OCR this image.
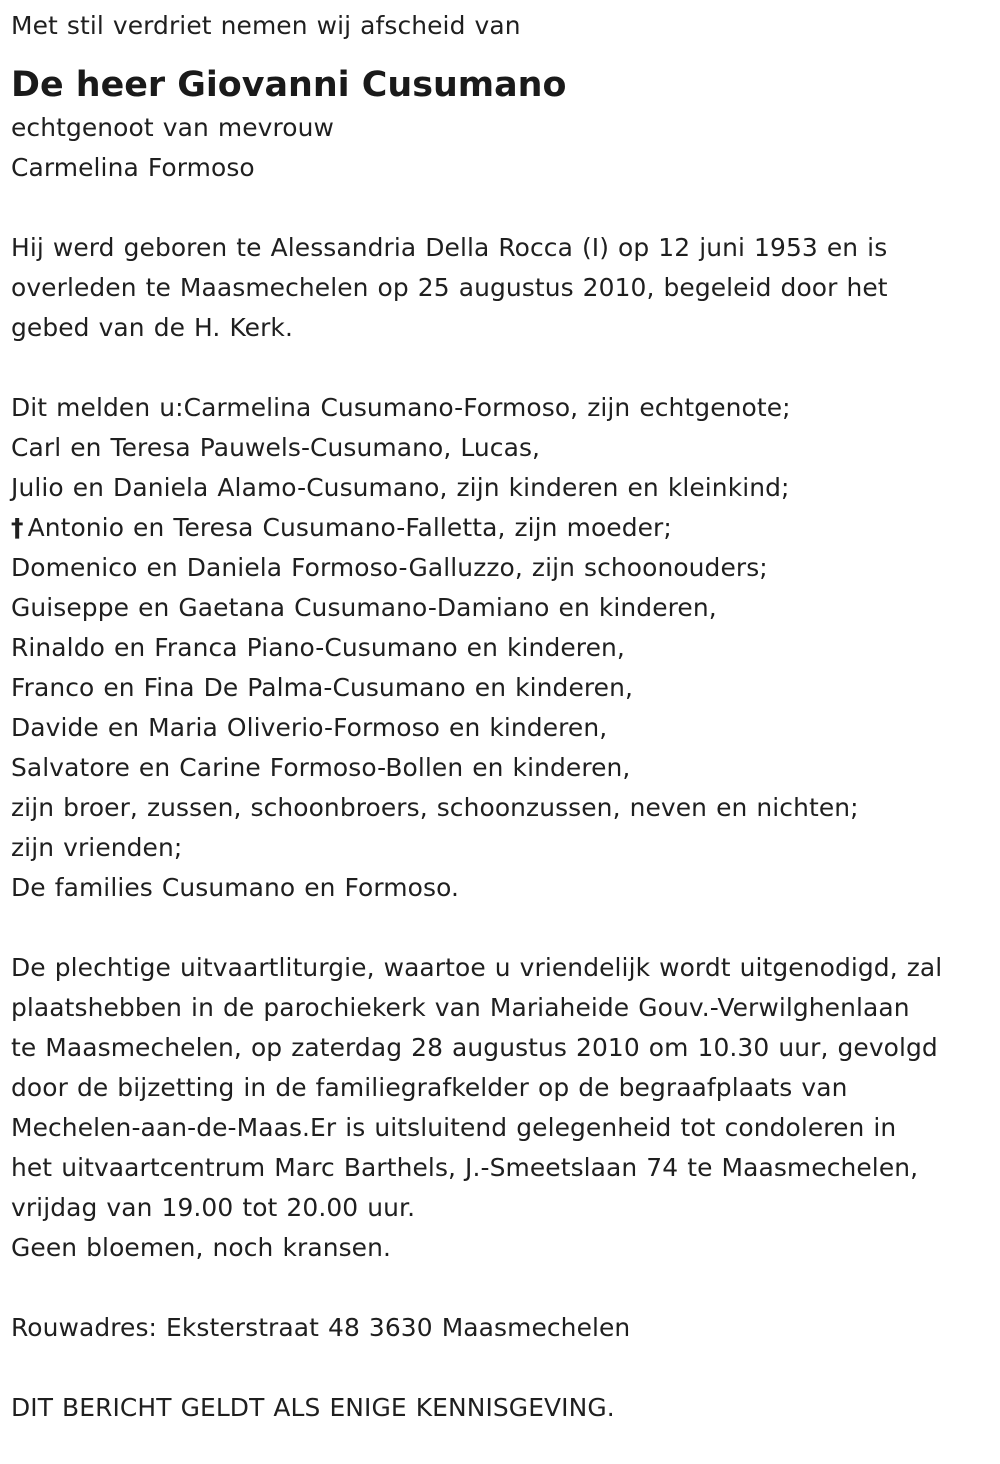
Met stil verdriet nemen wij afscheid van
De heer Giovanni Cusumano
echtgenoot van mevrouw
Carmelina Formoso
Hij werd geboren te Alessandria Della Rocca (I) op 12 juni 1953 en is
overleden te Maasmechelen op 25 augustus 2010, begeleid door het
gebed van de H. Kerk.
Dit melden u:Carmelina Cusumano-Formoso, zijn echtgenote;
Carl en Teresa Pauwels-Cusumano, Lucas,
Julio en Daniela Alamo-Cusumano, zijn kinderen en kleinkind;
† Antonio en Teresa Cusumano-Falletta, zijn moeder;
Domenico en Daniela Formoso-Galluzzo, zijn schoonouders;
Guiseppe en Gaetana Cusumano-Damiano en kinderen,
Rinaldo en Franca Piano-Cusumano en kinderen,
Franco en Fina De Palma-Cusumano en kinderen,
Davide en Maria Oliverio-Formoso en kinderen,
Salvatore en Carine Formoso-Bollen en kinderen,
zijn broer, zussen, schoonbroers, schoonzussen, neven en nichten;
zijn vrienden;
De families Cusumano en Formoso.
De plechtige uitvaartliturgie, waartoe u vriendelijk wordt uitgenodigd, zal
plaatshebben in de parochiekerk van Mariaheide Gouv.-Verwilghenlaan
te Maasmechelen, op zaterdag 28 augustus 2010 om 10.30 uur, gevolgd
door de bijzetting in de familiegrafkelder op de begraafplaats van
Mechelen-aan-de-Maas.Er is uitsluitend gelegenheid tot condoleren in
het uitvaartcentrum Marc Barthels, J.-Smeetslaan 74 te Maasmechelen,
vrijdag van 19.00 tot 20.00 uur.
Geen bloemen, noch kransen.
Rouwadres: Eksterstraat 48 3630 Maasmechelen
DIT BERICHT GELDT ALS ENIGE KENNISGEVING.
